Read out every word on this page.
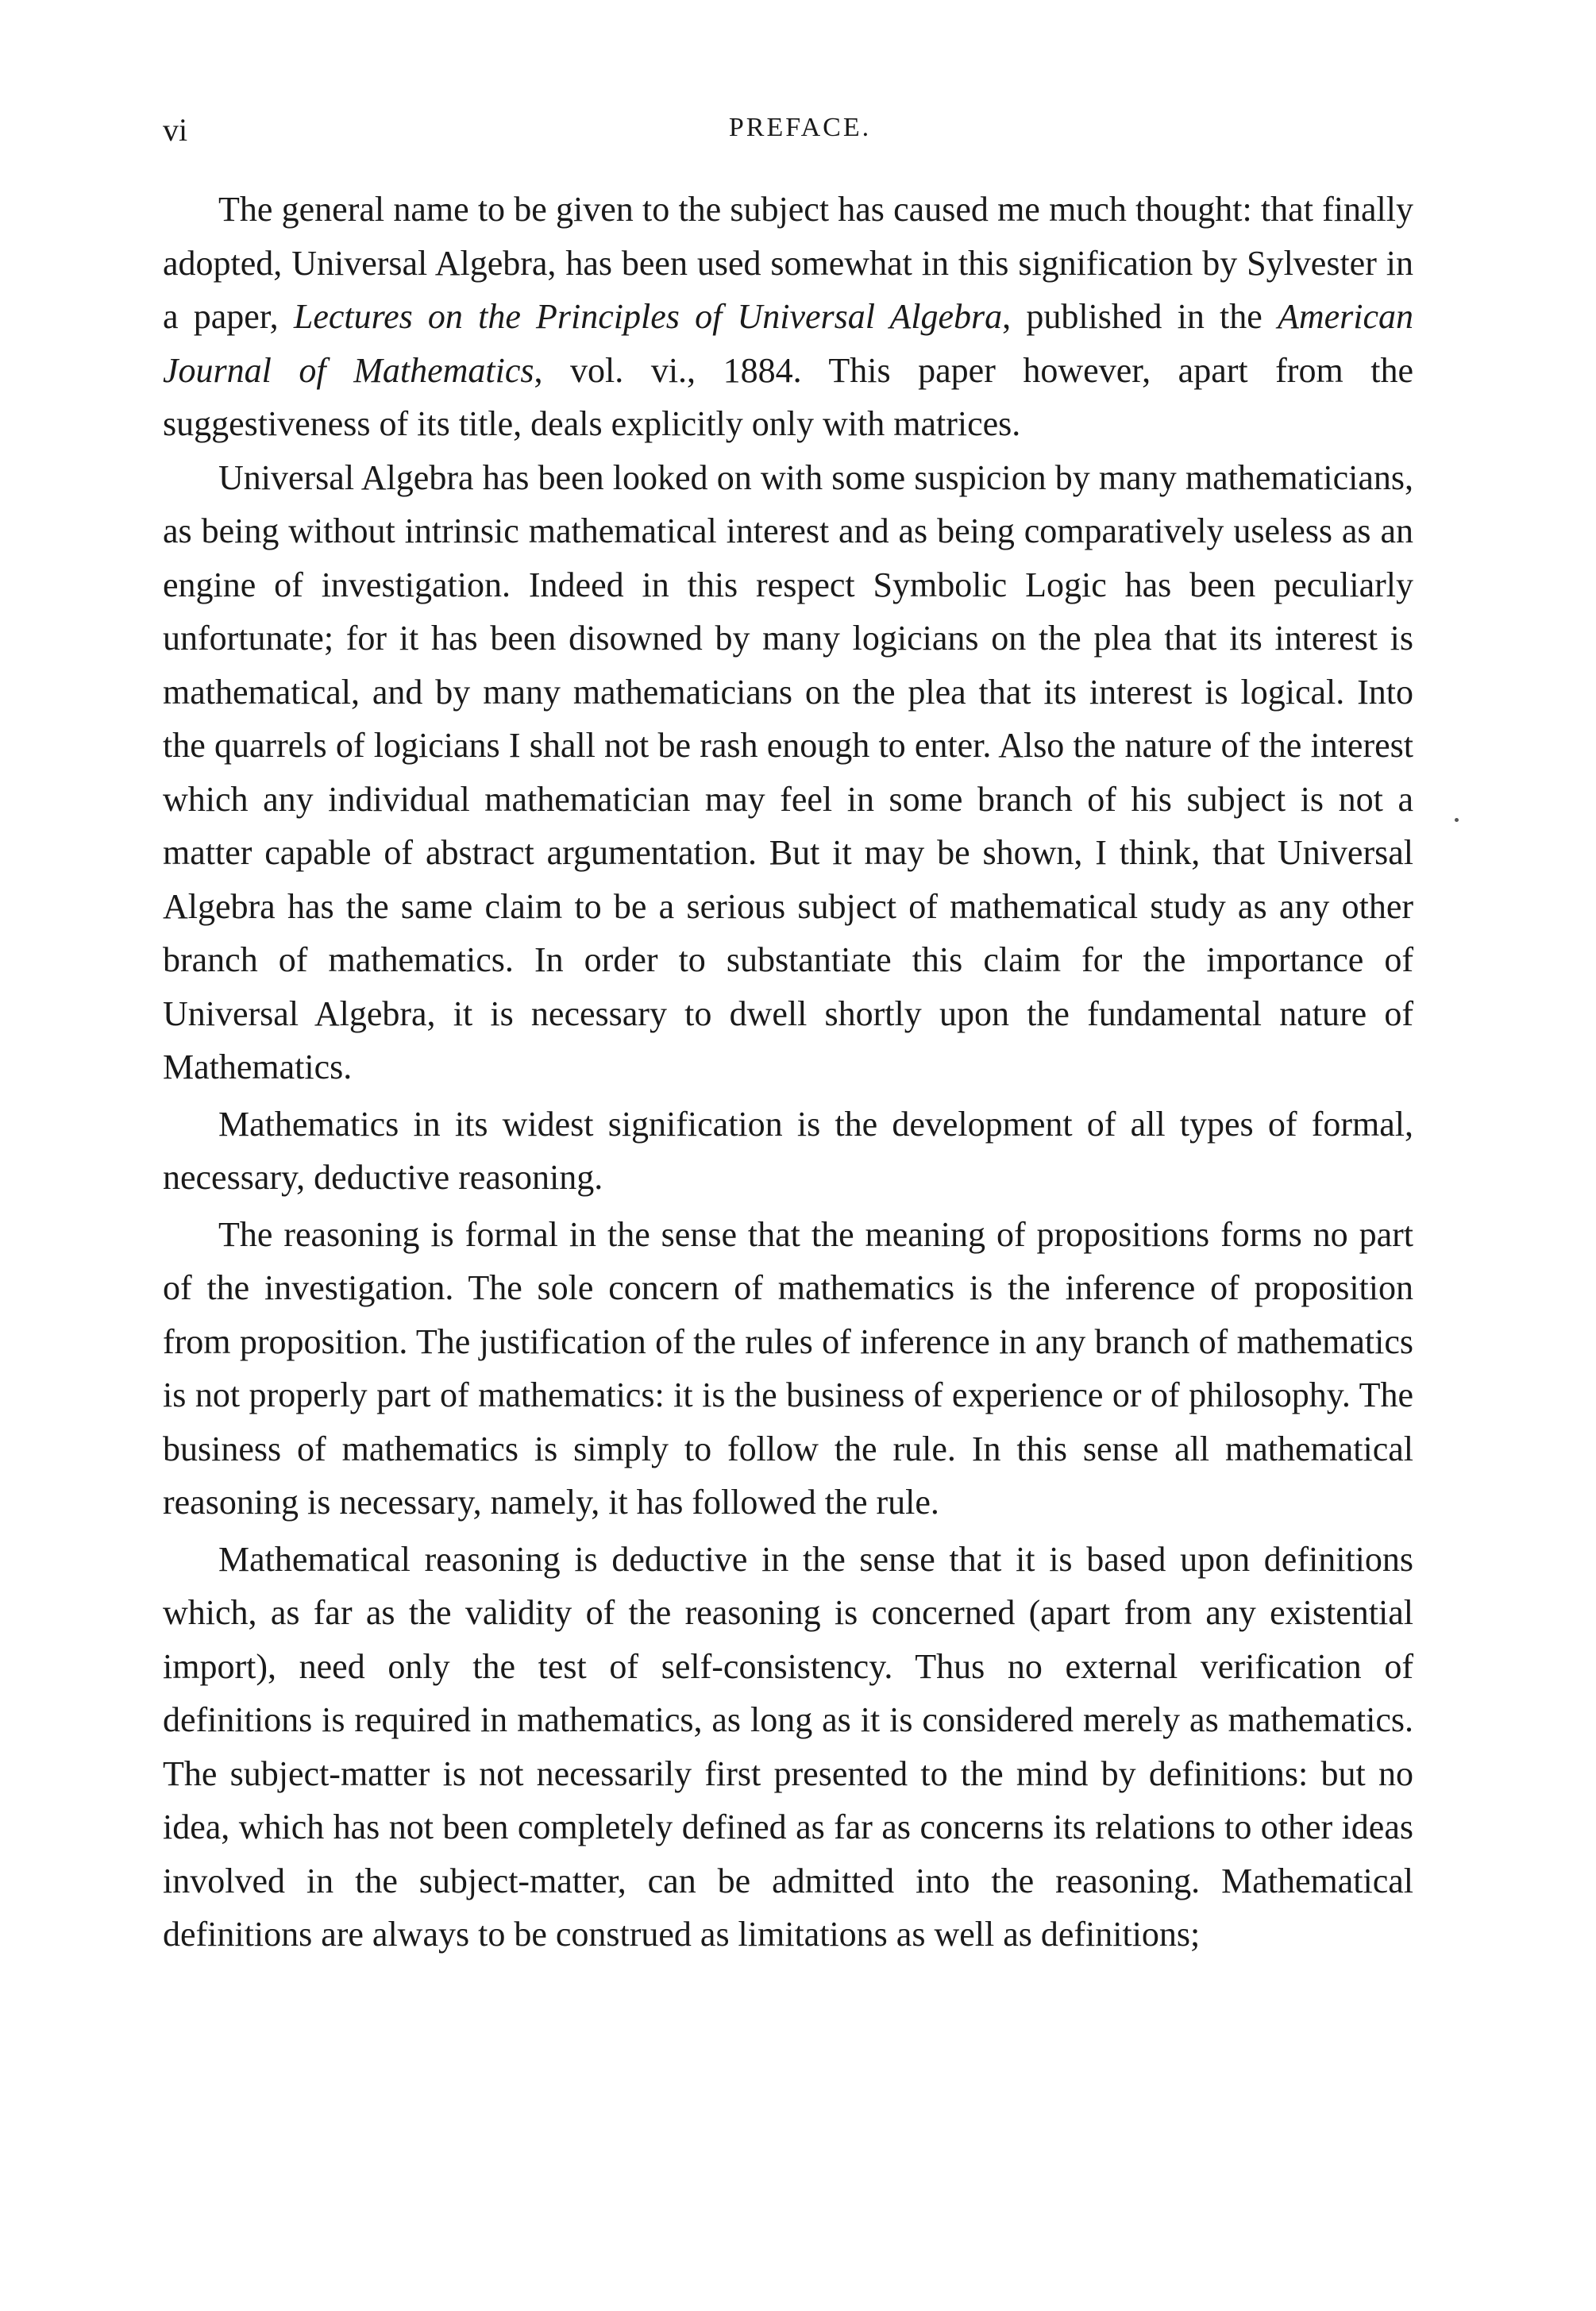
vi	PREFACE.

The general name to be given to the subject has caused me much thought: that finally adopted, Universal Algebra, has been used somewhat in this signification by Sylvester in a paper, Lectures on the Principles of Universal Algebra, published in the American Journal of Mathematics, vol. vi., 1884. This paper however, apart from the suggestiveness of its title, deals explicitly only with matrices.

Universal Algebra has been looked on with some suspicion by many mathematicians, as being without intrinsic mathematical interest and as being comparatively useless as an engine of investigation. Indeed in this respect Symbolic Logic has been peculiarly unfortunate; for it has been disowned by many logicians on the plea that its interest is mathematical, and by many mathematicians on the plea that its interest is logical. Into the quarrels of logicians I shall not be rash enough to enter. Also the nature of the interest which any individual mathematician may feel in some branch of his subject is not a matter capable of abstract argumentation. But it may be shown, I think, that Universal Algebra has the same claim to be a serious subject of mathematical study as any other branch of mathematics. In order to substantiate this claim for the importance of Universal Algebra, it is necessary to dwell shortly upon the fundamental nature of Mathematics.

Mathematics in its widest signification is the development of all types of formal, necessary, deductive reasoning.

The reasoning is formal in the sense that the meaning of propositions forms no part of the investigation. The sole concern of mathematics is the inference of proposition from proposition. The justification of the rules of inference in any branch of mathematics is not properly part of mathematics: it is the business of experience or of philosophy. The business of mathematics is simply to follow the rule. In this sense all mathematical reasoning is necessary, namely, it has followed the rule.

Mathematical reasoning is deductive in the sense that it is based upon definitions which, as far as the validity of the reasoning is concerned (apart from any existential import), need only the test of self-consistency. Thus no external verification of definitions is required in mathematics, as long as it is considered merely as mathematics. The subject-matter is not necessarily first presented to the mind by definitions: but no idea, which has not been completely defined as far as concerns its relations to other ideas involved in the subject-matter, can be admitted into the reasoning. Mathematical definitions are always to be construed as limitations as well as definitions;
